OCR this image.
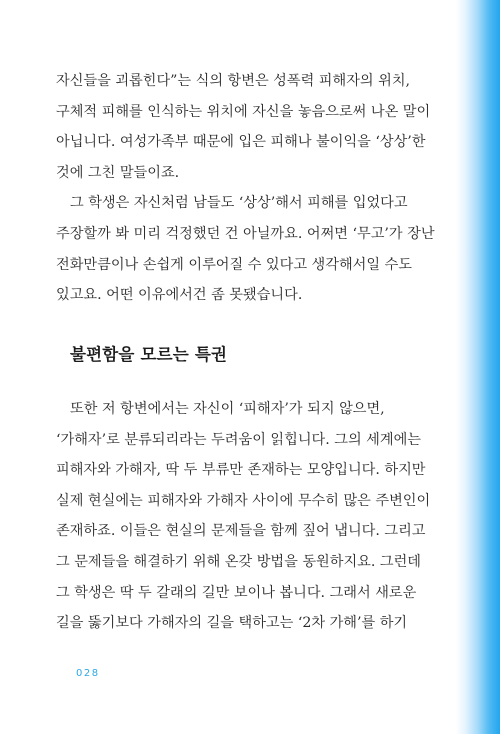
자신들을 괴롭힌다”는 식의 항변은 성폭력 피해자의 위치,
구체적 피해를 인식하는 위치에 자신을 놓음으로써 나온 말이
아닙니다. 여성가족부 때문에 입은 피해나 불이익을 ‘상상’한
것에 그친 말들이죠.

그 학생은 자신처럼 남들도 ‘상상’해서 피해를 입었다고
주장할까 봐 미리 걱정했던 건 아닐까요. 어쩌면 ‘무고’가 장난
전화만큼이나 손쉽게 이루어질 수 있다고 생각해서일 수도
있고요. 어떤 이유에서건 좀 못됐습니다.

불편함을 모르는 특권

또한 저 항변에서는 자신이 ‘피해자’가 되지 않으면,
‘가해자’로 분류되리라는 두려움이 읽힙니다. 그의 세계에는
피해자와 가해자, 딱 두 부류만 존재하는 모양입니다. 하지만
실제 현실에는 피해자와 가해자 사이에 무수히 많은 주변인이
존재하죠. 이들은 현실의 문제들을 함께 짚어 냅니다. 그리고
그 문제들을 해결하기 위해 온갖 방법을 동원하지요. 그런데
그 학생은 딱 두 갈래의 길만 보이나 봅니다. 그래서 새로운
길을 뚫기보다 가해자의 길을 택하고는 ‘2차 가해’를 하기

028
